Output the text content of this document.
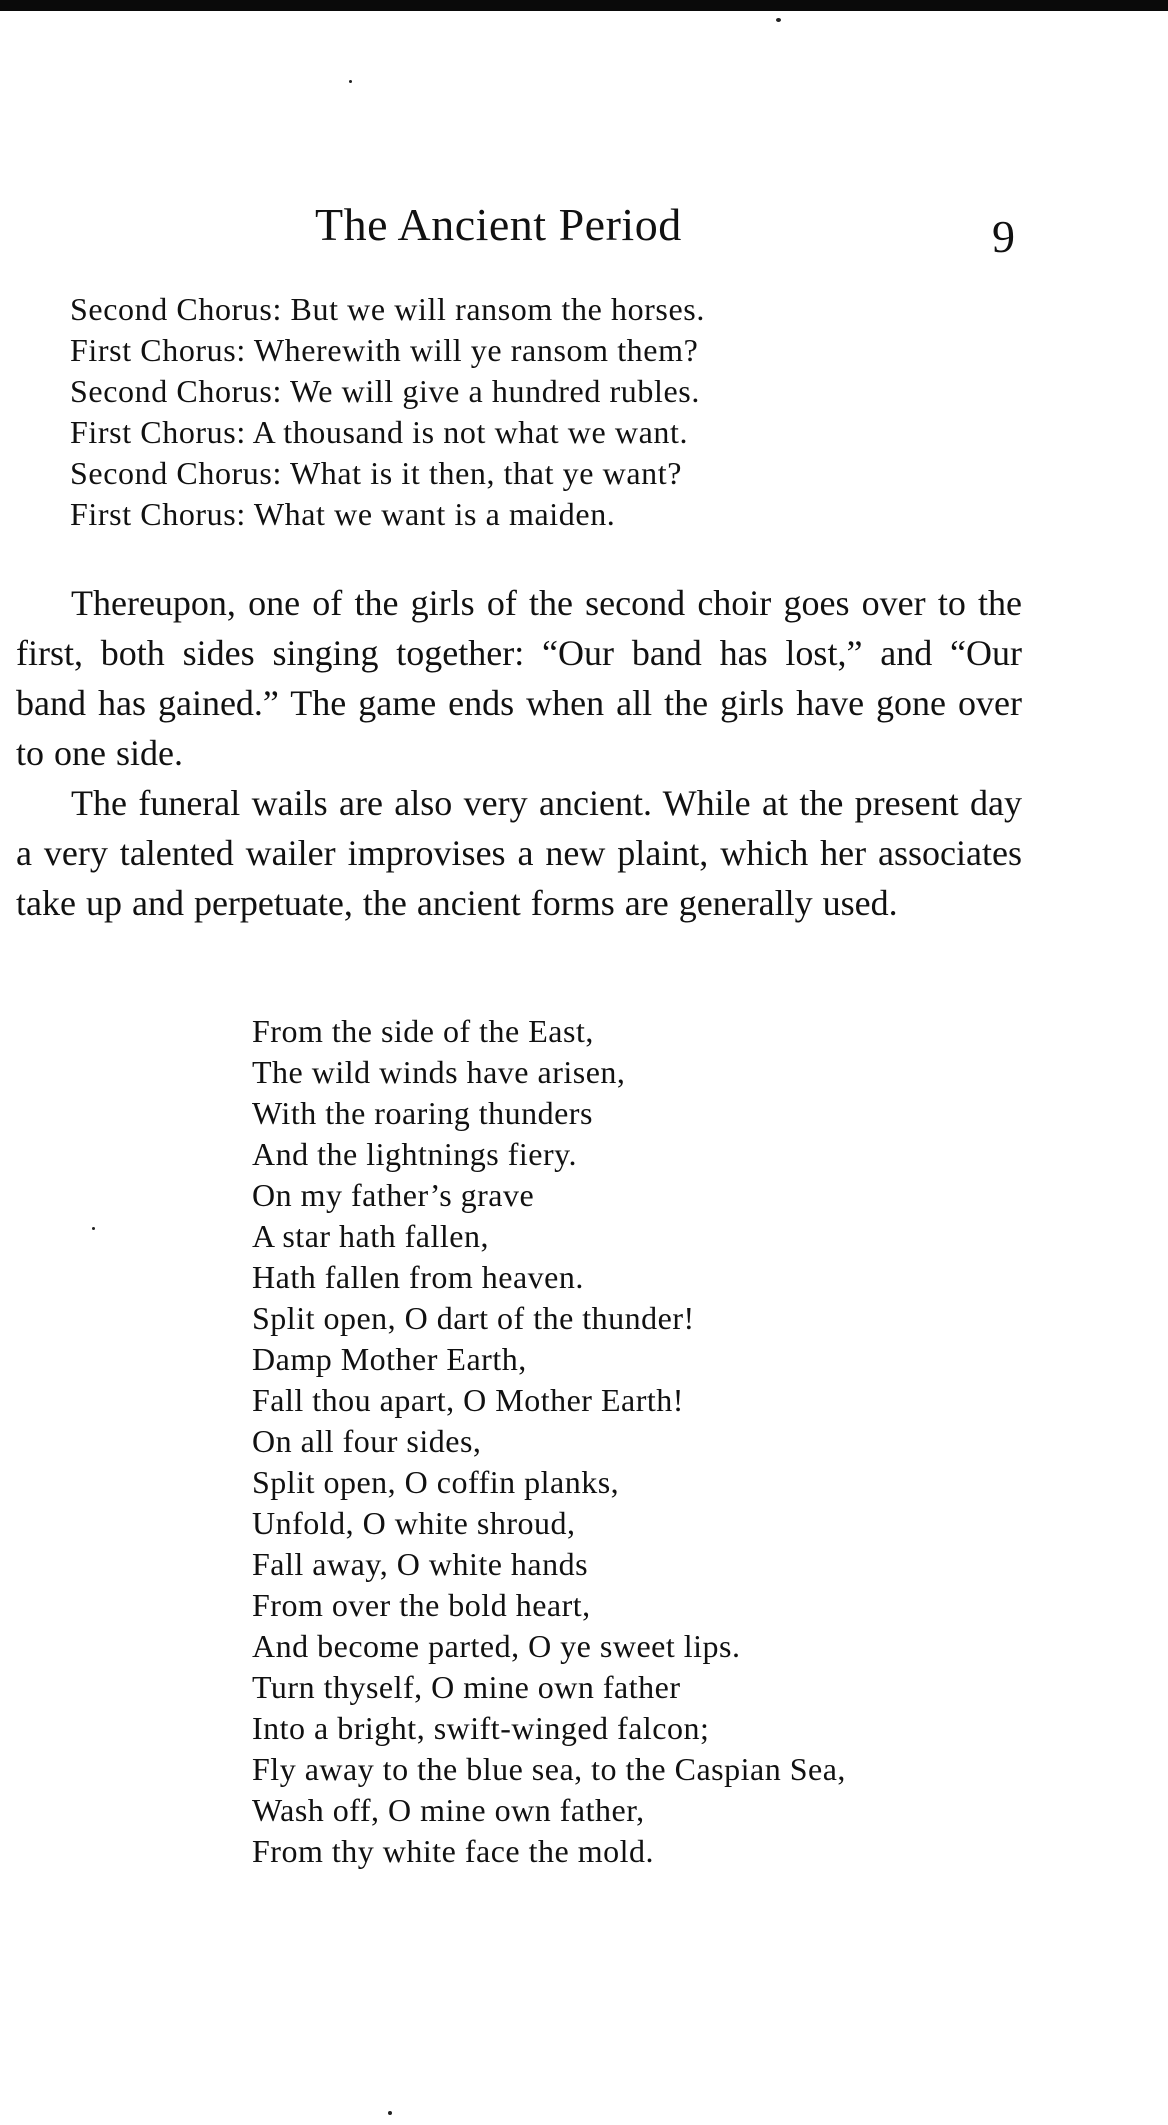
The Ancient Period	9
Second Chorus: But we will ransom the horses.
First Chorus: Wherewith will ye ransom them?
Second Chorus: We will give a hundred rubles.
First Chorus: A thousand is not what we want.
Second Chorus: What is it then, that ye want?
First Chorus: What we want is a maiden.

Thereupon, one of the girls of the second choir goes over to the first, both sides singing together: “Our band has lost,” and “Our band has gained.” The game ends when all the girls have gone over to one side.

The funeral wails are also very ancient. While at the present day a very talented wailer improvises a new plaint, which her associates take up and perpetuate, the ancient forms are generally used.

From the side of the East,
The wild winds have arisen,
With the roaring thunders
And the lightnings fiery.
On my father’s grave
A star hath fallen,
Hath fallen from heaven.
Split open, O dart of the thunder!
Damp Mother Earth,
Fall thou apart, O Mother Earth!
On all four sides,
Split open, O coffin planks,
Unfold, O white shroud,
Fall away, O white hands
From over the bold heart,
And become parted, O ye sweet lips.
Turn thyself, O mine own father
Into a bright, swift-winged falcon;
Fly away to the blue sea, to the Caspian Sea,
Wash off, O mine own father,
From thy white face the mold.
